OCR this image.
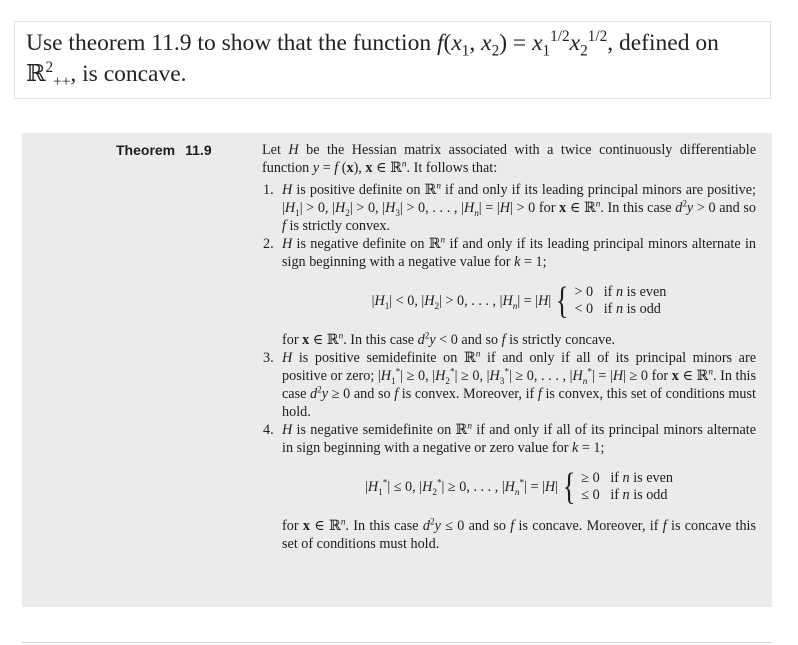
Use theorem 11.9 to show that the function $f(x_1$, $x_2) = x_1^{1/2}x_2^{1/2}$, defined on ℝ$^2_{++}$, is concave.
Theorem 11.9	Let H be the Hessian matrix associated with a twice continuously differentiable function y = f (x), x ∈ ℝ$^n$. It follows that:

1. H is positive definite on ℝ$^n$ if and only if its leading principal minors are positive; $|H_1| > 0$, $|H_2| > 0$, $|H_3| > 0$, . . . , $|H_n| = |H| > 0$ for x ∈ ℝ$^n$. In this case $d^2y > 0$ and so f is strictly convex.
2. H is negative definite on ℝ$^n$ if and only if its leading principal minors alternate in sign beginning with a negative value for k = 1;
$|H_1| < 0$, $|H_2| > 0$, . . . , $|H_n| = |H|$ { > 0   if n is even
< 0   if n is odd
for x ∈ ℝ$^n$. In this case $d^2y < 0$ and so f is strictly concave.
3. H is positive semidefinite on ℝ$^n$ if and only if all of its principal minors are positive or zero; $|H_1^*| \ge 0$, $|H_2^*| \ge 0$, $|H_3^*| \ge 0$, . . . , $|H_n^*| = |H| \ge 0$ for x ∈ ℝ$^n$. In this case $d^2y \ge 0$ and so f is convex. Moreover, if f is convex, this set of conditions must hold.
4. H is negative semidefinite on ℝ$^n$ if and only if all of its principal minors alternate in sign beginning with a negative or zero value for k = 1;
$|H_1^*| \le 0$, $|H_2^*| \ge 0$, . . . , $|H_n^*| = |H|$ { ≥ 0   if n is even
≤ 0   if n is odd
for x ∈ ℝ$^n$. In this case $d^2y \le 0$ and so f is concave. Moreover, if f is concave this set of conditions must hold.
